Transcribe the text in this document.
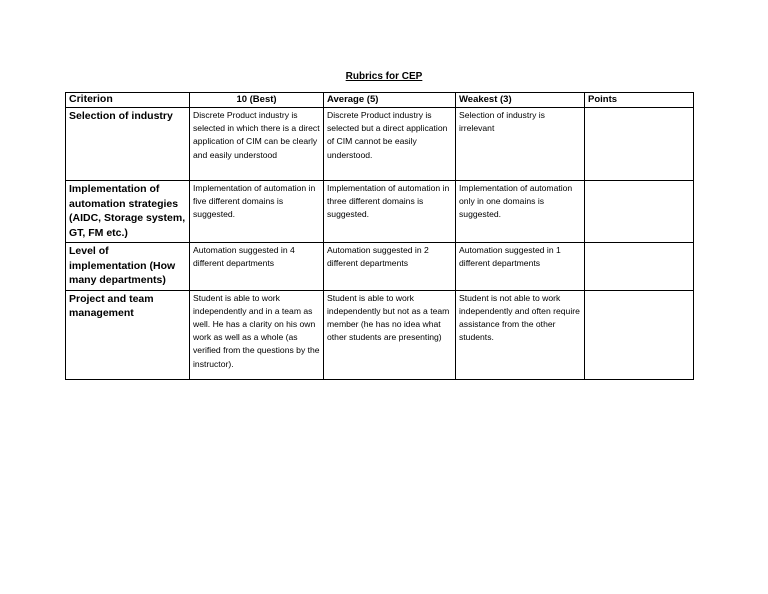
Rubrics for CEP
Criterion	10 (Best)	Average (5)	Weakest (3)	Points
Selection of industry	Discrete Product industry is selected in which there is a direct application of CIM can be clearly and easily understood	Discrete Product industry is selected but a direct application of CIM cannot be easily understood.	Selection of industry is irrelevant	
Implementation of automation strategies (AIDC, Storage system, GT, FM etc.)	Implementation of automation in five different domains is suggested.	Implementation of automation in three different domains is suggested.	Implementation of automation only in one domains is suggested.	
Level of implementation (How many departments)	Automation suggested in 4 different departments	Automation suggested in 2 different departments	Automation suggested in 1 different departments	
Project and team management	Student is able to work independently and in a team as well. He has a clarity on his own work as well as a whole (as verified from the questions by the instructor).	Student is able to work independently but not as a team member (he has no idea what other students are presenting)	Student is not able to work independently and often require assistance from the other students.	
